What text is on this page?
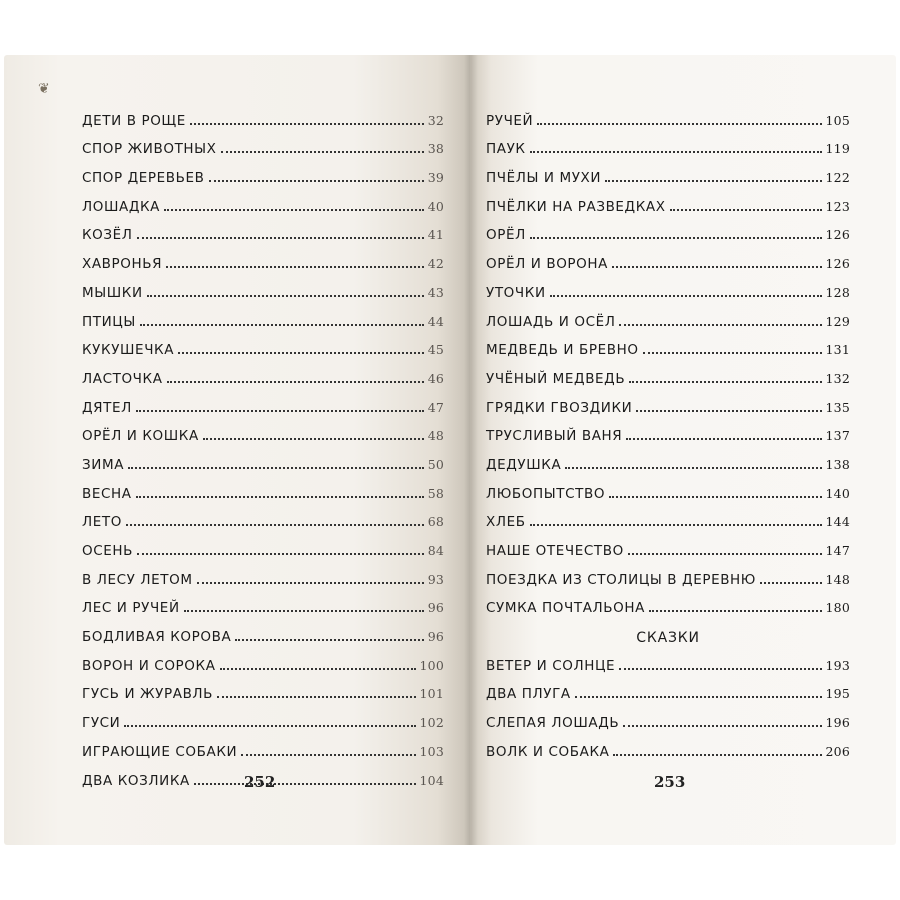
❦
ДЕТИ В РОЩЕ	32
СПОР ЖИВОТНЫХ	38
СПОР ДЕРЕВЬЕВ	39
ЛОШАДКА	40
КОЗЁЛ	41
ХАВРОНЬЯ	42
МЫШКИ	43
ПТИЦЫ	44
КУКУШЕЧКА	45
ЛАСТОЧКА	46
ДЯТЕЛ	47
ОРЁЛ И КОШКА	48
ЗИМА	50
ВЕСНА	58
ЛЕТО	68
ОСЕНЬ	84
В ЛЕСУ ЛЕТОМ	93
ЛЕС И РУЧЕЙ	96
БОДЛИВАЯ КОРОВА	96
ВОРОН И СОРОКА	100
ГУСЬ И ЖУРАВЛЬ	101
ГУСИ	102
ИГРАЮЩИЕ СОБАКИ	103
ДВА КОЗЛИКА	104
252
РУЧЕЙ	105
ПАУК	119
ПЧЁЛЫ И МУХИ	122
ПЧЁЛКИ НА РАЗВЕДКАХ	123
ОРЁЛ	126
ОРЁЛ И ВОРОНА	126
УТОЧКИ	128
ЛОШАДЬ И ОСЁЛ	129
МЕДВЕДЬ И БРЕВНО	131
УЧЁНЫЙ МЕДВЕДЬ	132
ГРЯДКИ ГВОЗДИКИ	135
ТРУСЛИВЫЙ ВАНЯ	137
ДЕДУШКА	138
ЛЮБОПЫТСТВО	140
ХЛЕБ	144
НАШЕ ОТЕЧЕСТВО	147
ПОЕЗДКА ИЗ СТОЛИЦЫ В ДЕРЕВНЮ	148
СУМКА ПОЧТАЛЬОНА	180
СКАЗКИ
ВЕТЕР И СОЛНЦЕ	193
ДВА ПЛУГА	195
СЛЕПАЯ ЛОШАДЬ	196
ВОЛК И СОБАКА	206
253
